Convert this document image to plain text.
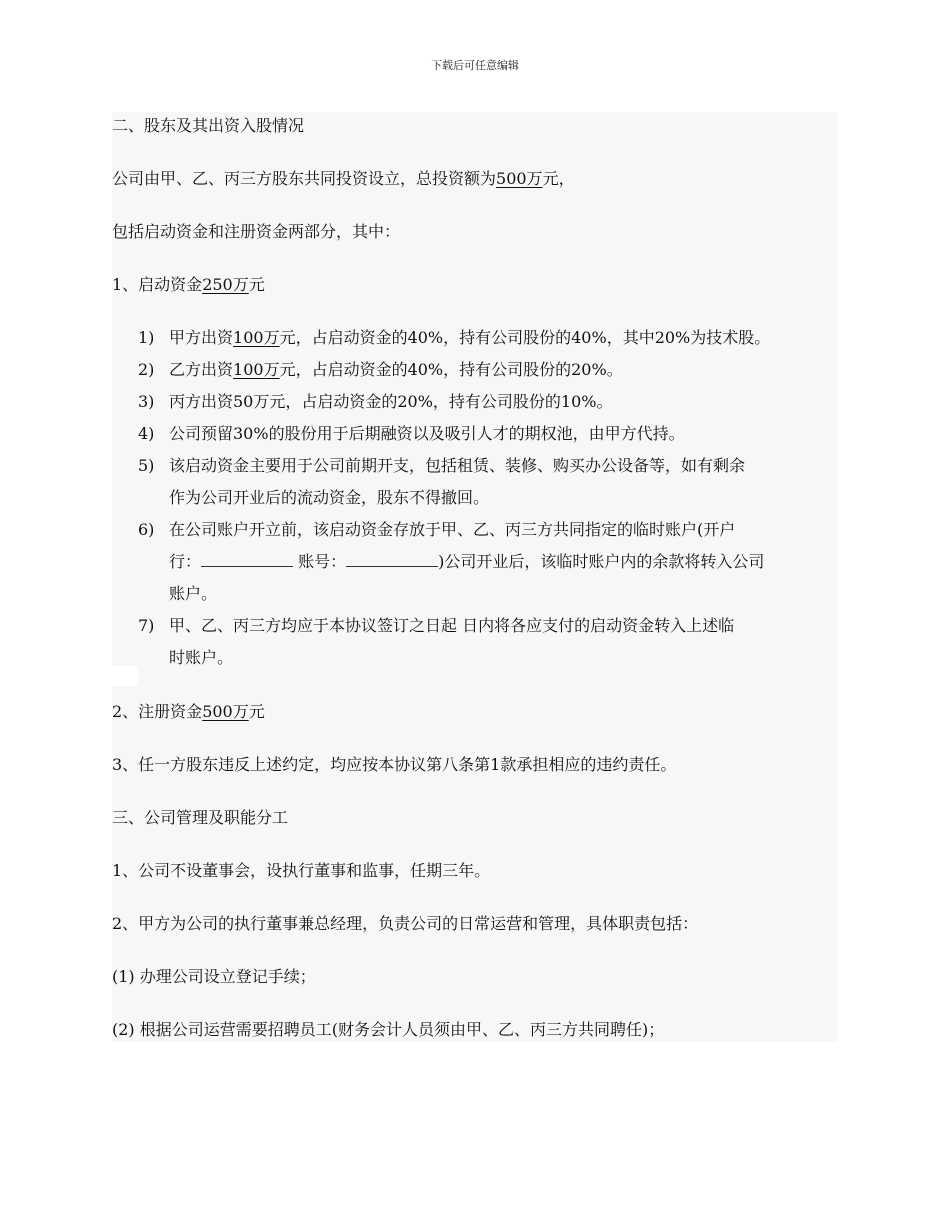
下载后可任意编辑
二、股东及其出资入股情况
公司由甲、乙、丙三方股东共同投资设立，总投资额为500万元，
包括启动资金和注册资金两部分，其中：
1、启动资金250万元
1) 甲方出资100万元，占启动资金的40%，持有公司股份的40%，其中20%为技术股。
2) 乙方出资100万元，占启动资金的40%，持有公司股份的20%。
3) 丙方出资50万元，占启动资金的20%，持有公司股份的10%。
4) 公司预留30%的股份用于后期融资以及吸引人才的期权池，由甲方代持。
5) 该启动资金主要用于公司前期开支，包括租赁、装修、购买办公设备等，如有剩余
作为公司开业后的流动资金，股东不得撤回。
6) 在公司账户开立前，该启动资金存放于甲、乙、丙三方共同指定的临时账户(开户
行：	账号：	)公司开业后，该临时账户内的余款将转入公司
账户。
7) 甲、乙、丙三方均应于本协议签订之日起 日内将各应支付的启动资金转入上述临
时账户。
2、注册资金500万元
3、任一方股东违反上述约定，均应按本协议第八条第1款承担相应的违约责任。
三、公司管理及职能分工
1、公司不设董事会，设执行董事和监事，任期三年。
2、甲方为公司的执行董事兼总经理，负责公司的日常运营和管理，具体职责包括：
(1) 办理公司设立登记手续；
(2) 根据公司运营需要招聘员工(财务会计人员须由甲、乙、丙三方共同聘任)；
